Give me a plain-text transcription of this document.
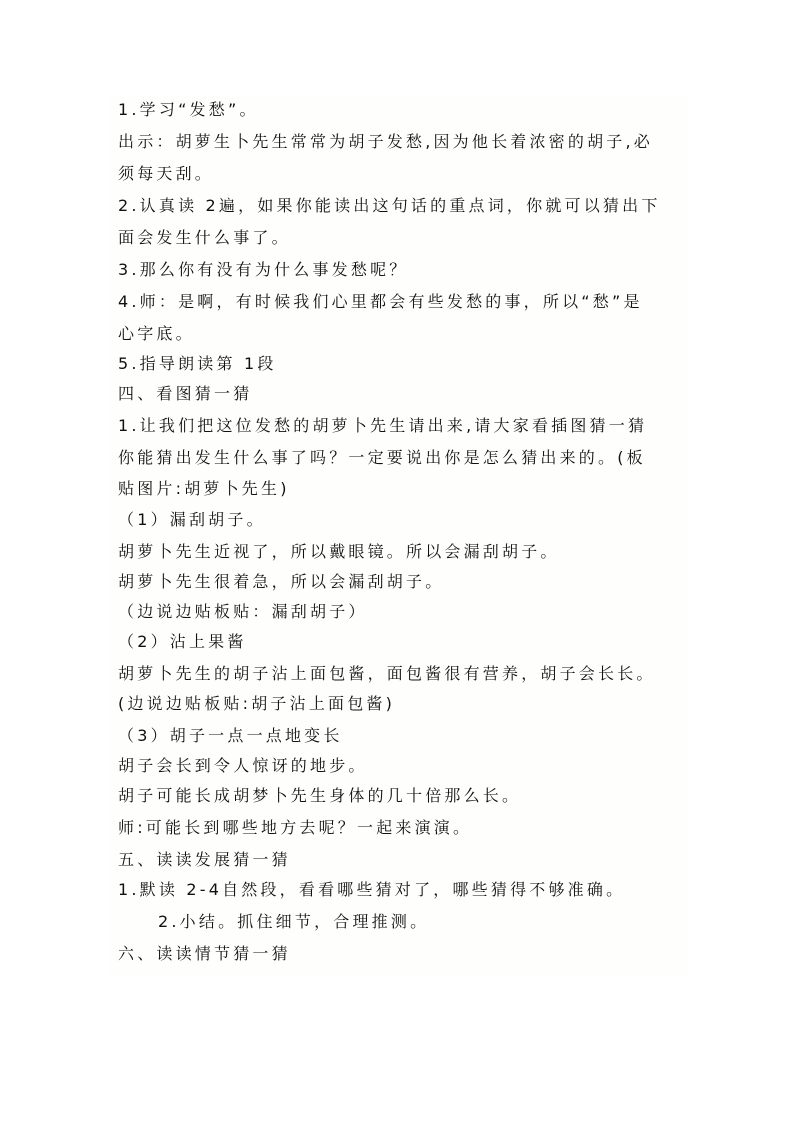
1.学习“发愁”。
出示：胡萝生卜先生常常为胡子发愁,因为他长着浓密的胡子,必
须每天刮。
2.认真读 2遍，如果你能读出这句话的重点词，你就可以猜出下
面会发生什么事了。
3.那么你有没有为什么事发愁呢？
4.师：是啊，有时候我们心里都会有些发愁的事，所以“愁”是
心字底。
5.指导朗读第 1段
四、看图猜一猜
1.让我们把这位发愁的胡萝卜先生请出来,请大家看插图猜一猜
你能猜出发生什么事了吗？一定要说出你是怎么猜出来的。(板
贴图片:胡萝卜先生)
（1）漏刮胡子。
胡萝卜先生近视了，所以戴眼镜。所以会漏刮胡子。
胡萝卜先生很着急，所以会漏刮胡子。
（边说边贴板贴：漏刮胡子）
（2）沾上果酱
胡萝卜先生的胡子沾上面包酱，面包酱很有营养，胡子会长长。
(边说边贴板贴:胡子沾上面包酱)
（3）胡子一点一点地变长
胡子会长到令人惊讶的地步。
胡子可能长成胡梦卜先生身体的几十倍那么长。
师:可能长到哪些地方去呢？一起来演演。
五、读读发展猜一猜
1.默读 2-4自然段，看看哪些猜对了，哪些猜得不够准确。
2.小结。抓住细节，合理推测。
六、读读情节猜一猜
